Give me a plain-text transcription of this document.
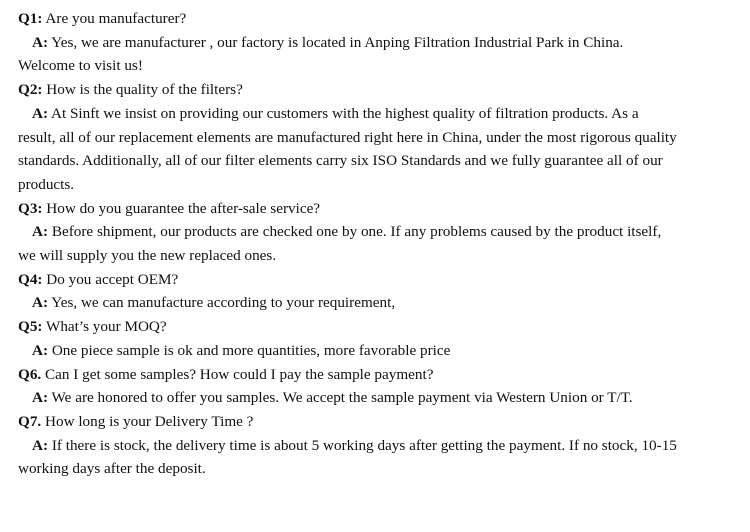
Q1: Are you manufacturer?

A: Yes, we are manufacturer , our factory is located in Anping Filtration Industrial Park in China. Welcome to visit us!

Q2: How is the quality of the filters?

A: At Sinft we insist on providing our customers with the highest quality of filtration products. As a result, all of our replacement elements are manufactured right here in China, under the most rigorous quality standards. Additionally, all of our filter elements carry six ISO Standards and we fully guarantee all of our products.

Q3: How do you guarantee the after-sale service?

A: Before shipment, our products are checked one by one. If any problems caused by the product itself, we will supply you the new replaced ones.

Q4: Do you accept OEM?

A: Yes, we can manufacture according to your requirement,

Q5: What’s your MOQ?

A: One piece sample is ok and more quantities, more favorable price

Q6. Can I get some samples? How could I pay the sample payment?

A: We are honored to offer you samples. We accept the sample payment via Western Union or T/T.

Q7. How long is your Delivery Time ?

A: If there is stock, the delivery time is about 5 working days after getting the payment. If no stock, 10-15 working days after the deposit.
